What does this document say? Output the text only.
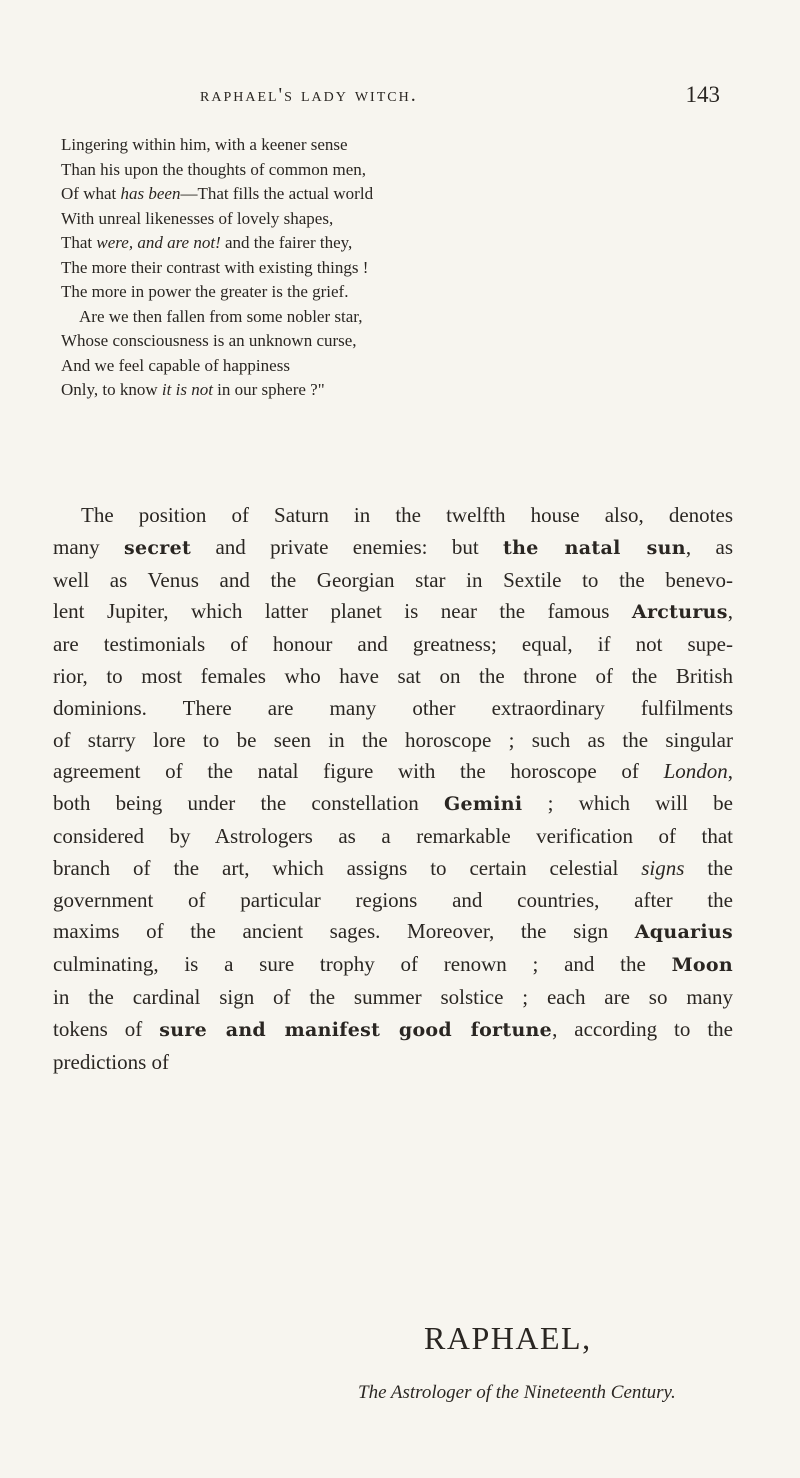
raphael's lady witch.	143
Lingering within him, with a keener sense
Than his upon the thoughts of common men,
Of what has been—That fills the actual world
With unreal likenesses of lovely shapes,
That were, and are not! and the fairer they,
The more their contrast with existing things !
The more in power the greater is the grief.
Are we then fallen from some nobler star,
Whose consciousness is an unknown curse,
And we feel capable of happiness
Only, to know it is not in our sphere ?"
The position of Saturn in the twelfth house also, denotes
many secret and private enemies: but the natal sun, as
well as Venus and the Georgian star in Sextile to the benevo-
lent Jupiter, which latter planet is near the famous Arcturus,
are testimonials of honour and greatness; equal, if not supe-
rior, to most females who have sat on the throne of the British
dominions. There are many other extraordinary fulfilments
of starry lore to be seen in the horoscope ; such as the singular
agreement of the natal figure with the horoscope of London,
both being under the constellation Gemini ; which will be
considered by Astrologers as a remarkable verification of that
branch of the art, which assigns to certain celestial signs the
government of particular regions and countries, after the
maxims of the ancient sages. Moreover, the sign Aquarius
culminating, is a sure trophy of renown ; and the Moon
in the cardinal sign of the summer solstice ; each are so many
tokens of sure and manifest good fortune, according to the
predictions of
RAPHAEL,
The Astrologer of the Nineteenth Century.
